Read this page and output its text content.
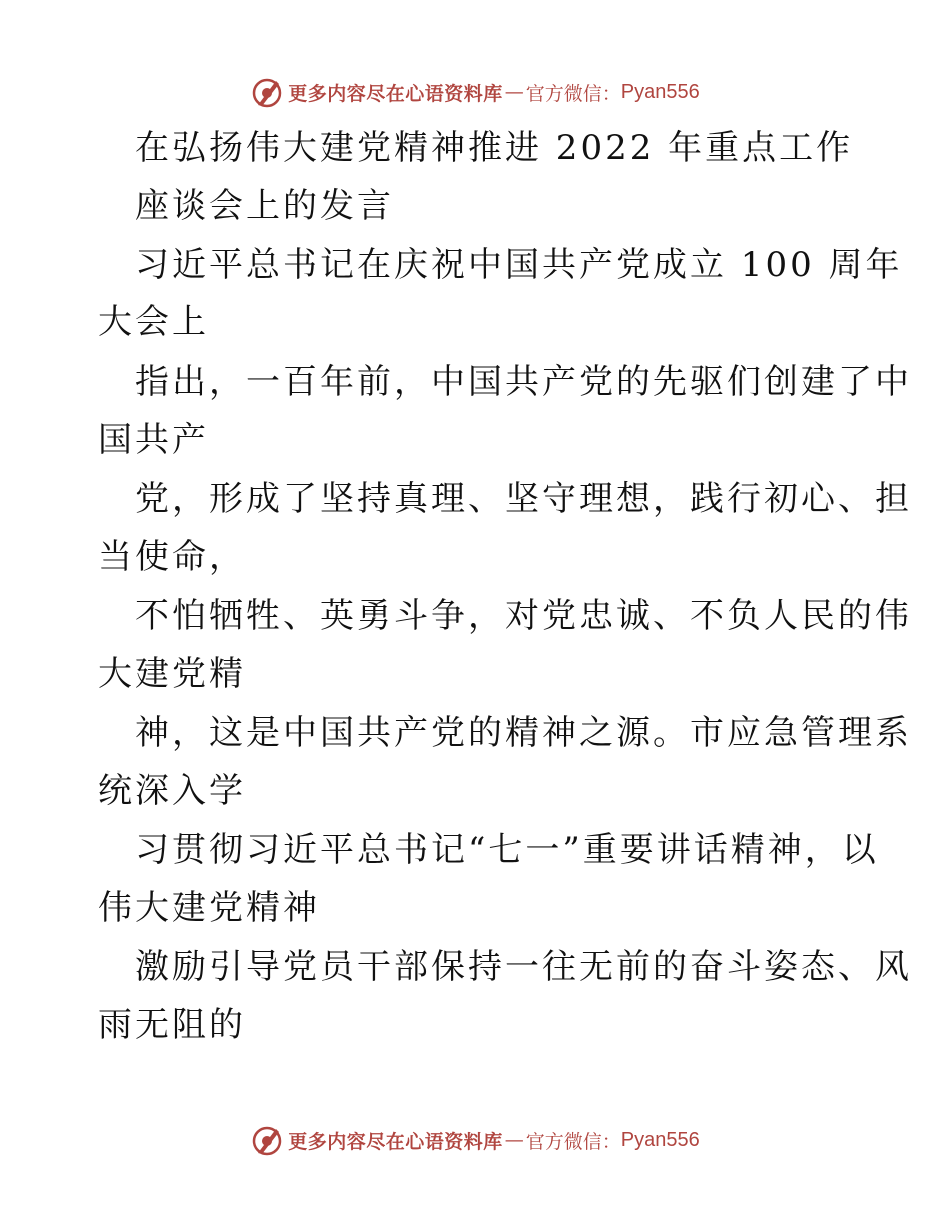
更多内容尽在心语资料库 — 官方微信： Pyan556
在弘扬伟大建党精神推进 2022 年重点工作
座谈会上的发言
习近平总书记在庆祝中国共产党成立 100 周年
大会上
指出，一百年前，中国共产党的先驱们创建了中
国共产
党，形成了坚持真理、坚守理想，践行初心、担
当使命，
不怕牺牲、英勇斗争，对党忠诚、不负人民的伟
大建党精
神，这是中国共产党的精神之源。市应急管理系
统深入学
习贯彻习近平总书记“七一”重要讲话精神，以
伟大建党精神
激励引导党员干部保持一往无前的奋斗姿态、风
雨无阻的
更多内容尽在心语资料库 — 官方微信： Pyan556
